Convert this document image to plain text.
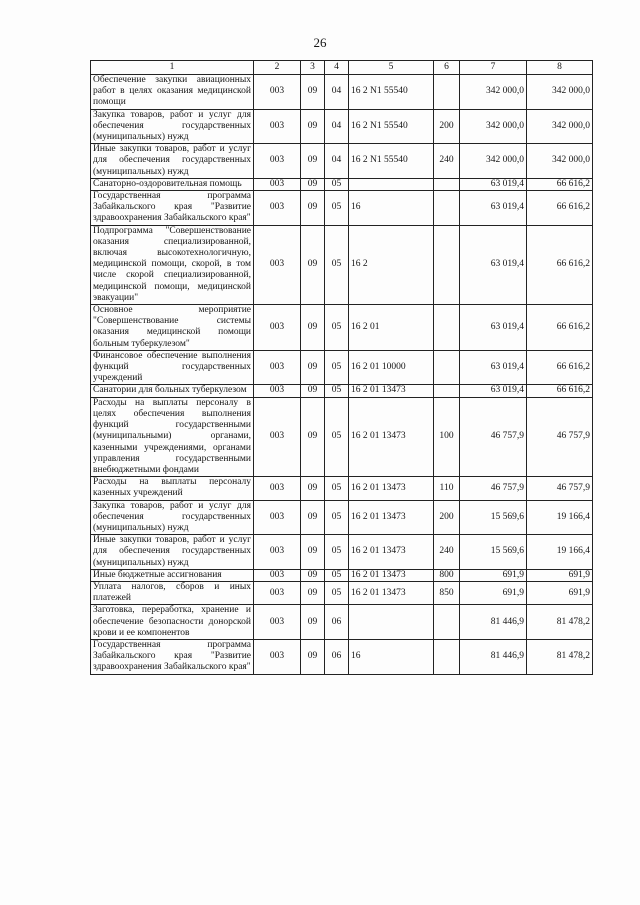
26
1	2	3	4	5	6	7	8
Обеспечение закупки авиационных работ в целях оказания медицинской помощи	003	09	04	16 2 N1 55540		342 000,0	342 000,0
Закупка товаров, работ и услуг для обеспечения государственных (муниципальных) нужд	003	09	04	16 2 N1 55540	200	342 000,0	342 000,0
Иные закупки товаров, работ и услуг для обеспечения государственных (муниципальных) нужд	003	09	04	16 2 N1 55540	240	342 000,0	342 000,0
Санаторно-оздоровительная помощь	003	09	05			63 019,4	66 616,2
Государственная программа Забайкальского края "Развитие здравоохранения Забайкальского края"	003	09	05	16		63 019,4	66 616,2
Подпрограмма "Совершенствование оказания специализированной, включая высокотехнологичную, медицинской помощи, скорой, в том числе скорой специализированной, медицинской помощи, медицинской эвакуации"	003	09	05	16 2		63 019,4	66 616,2
Основное мероприятие "Совершенствование системы оказания медицинской помощи больным туберкулезом"	003	09	05	16 2 01		63 019,4	66 616,2
Финансовое обеспечение выполнения функций государственных учреждений	003	09	05	16 2 01 10000		63 019,4	66 616,2
Санатории для больных туберкулезом	003	09	05	16 2 01 13473		63 019,4	66 616,2
Расходы на выплаты персоналу в целях обеспечения выполнения функций государственными (муниципальными) органами, казенными учреждениями, органами управления государственными внебюджетными фондами	003	09	05	16 2 01 13473	100	46 757,9	46 757,9
Расходы на выплаты персоналу казенных учреждений	003	09	05	16 2 01 13473	110	46 757,9	46 757,9
Закупка товаров, работ и услуг для обеспечения государственных (муниципальных) нужд	003	09	05	16 2 01 13473	200	15 569,6	19 166,4
Иные закупки товаров, работ и услуг для обеспечения государственных (муниципальных) нужд	003	09	05	16 2 01 13473	240	15 569,6	19 166,4
Иные бюджетные ассигнования	003	09	05	16 2 01 13473	800	691,9	691,9
Уплата налогов, сборов и иных платежей	003	09	05	16 2 01 13473	850	691,9	691,9
Заготовка, переработка, хранение и обеспечение безопасности донорской крови и ее компонентов	003	09	06			81 446,9	81 478,2
Государственная программа Забайкальского края "Развитие здравоохранения Забайкальского края"	003	09	06	16		81 446,9	81 478,2
